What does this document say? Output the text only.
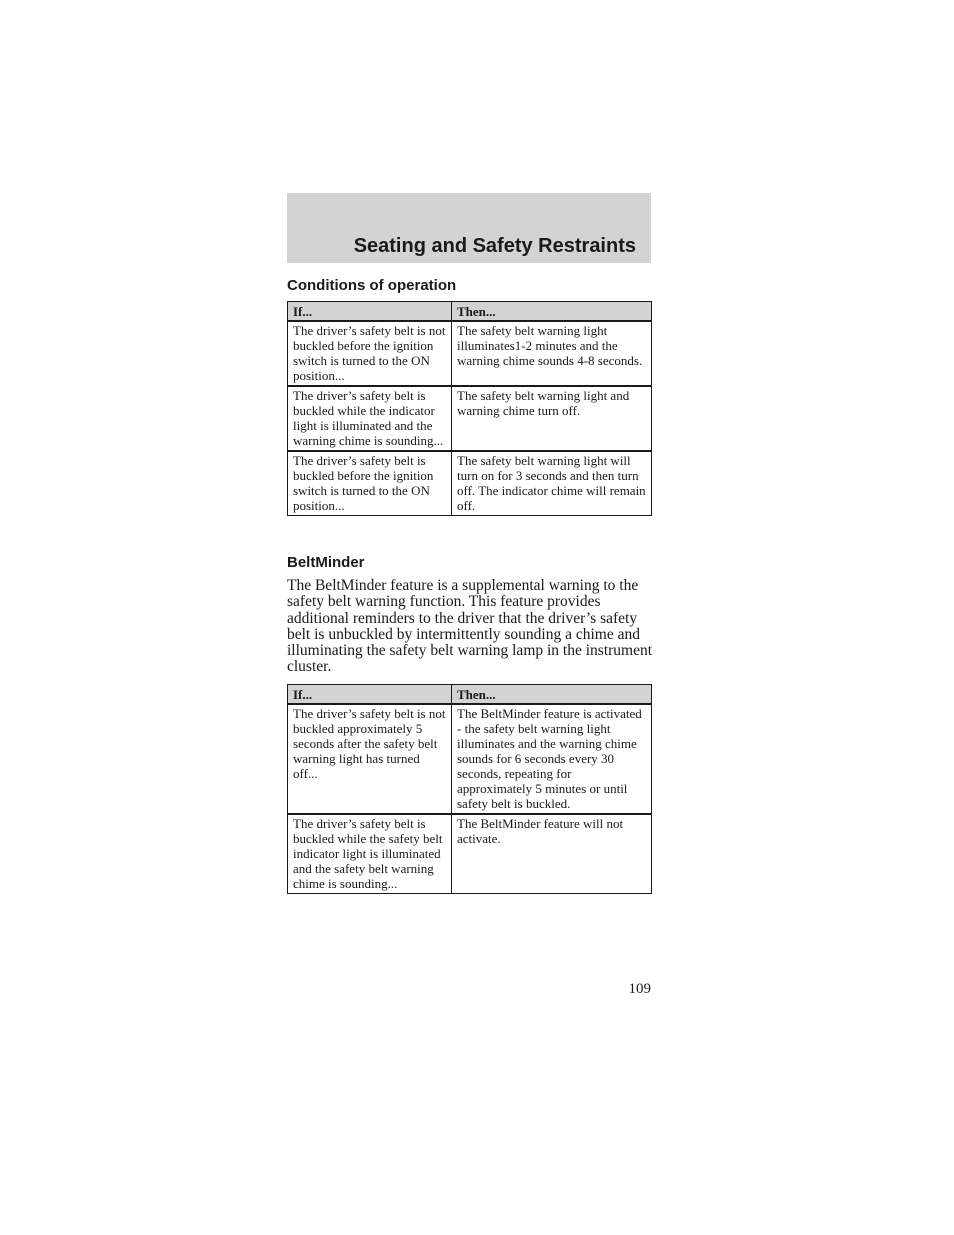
Seating and Safety Restraints
Conditions of operation
If...	Then...
The driver’s safety belt is not buckled before the ignition switch is turned to the ON position...	The safety belt warning light illuminates1-2 minutes and the warning chime sounds 4-8 seconds.
The driver’s safety belt is buckled while the indicator light is illuminated and the warning chime is sounding...	The safety belt warning light and warning chime turn off.
The driver’s safety belt is buckled before the ignition switch is turned to the ON position...	The safety belt warning light will turn on for 3 seconds and then turn off. The indicator chime will remain off.
BeltMinder

The BeltMinder feature is a supplemental warning to the safety belt warning function. This feature provides additional reminders to the driver that the driver’s safety belt is unbuckled by intermittently sounding a chime and illuminating the safety belt warning lamp in the instrument cluster.

If...	Then...
The driver’s safety belt is not buckled approximately 5 seconds after the safety belt warning light has turned off...	The BeltMinder feature is activated - the safety belt warning light illuminates and the warning chime sounds for 6 seconds every 30 seconds, repeating for approximately 5 minutes or until safety belt is buckled.
The driver’s safety belt is buckled while the safety belt indicator light is illuminated and the safety belt warning chime is sounding...	The BeltMinder feature will not activate.
109
